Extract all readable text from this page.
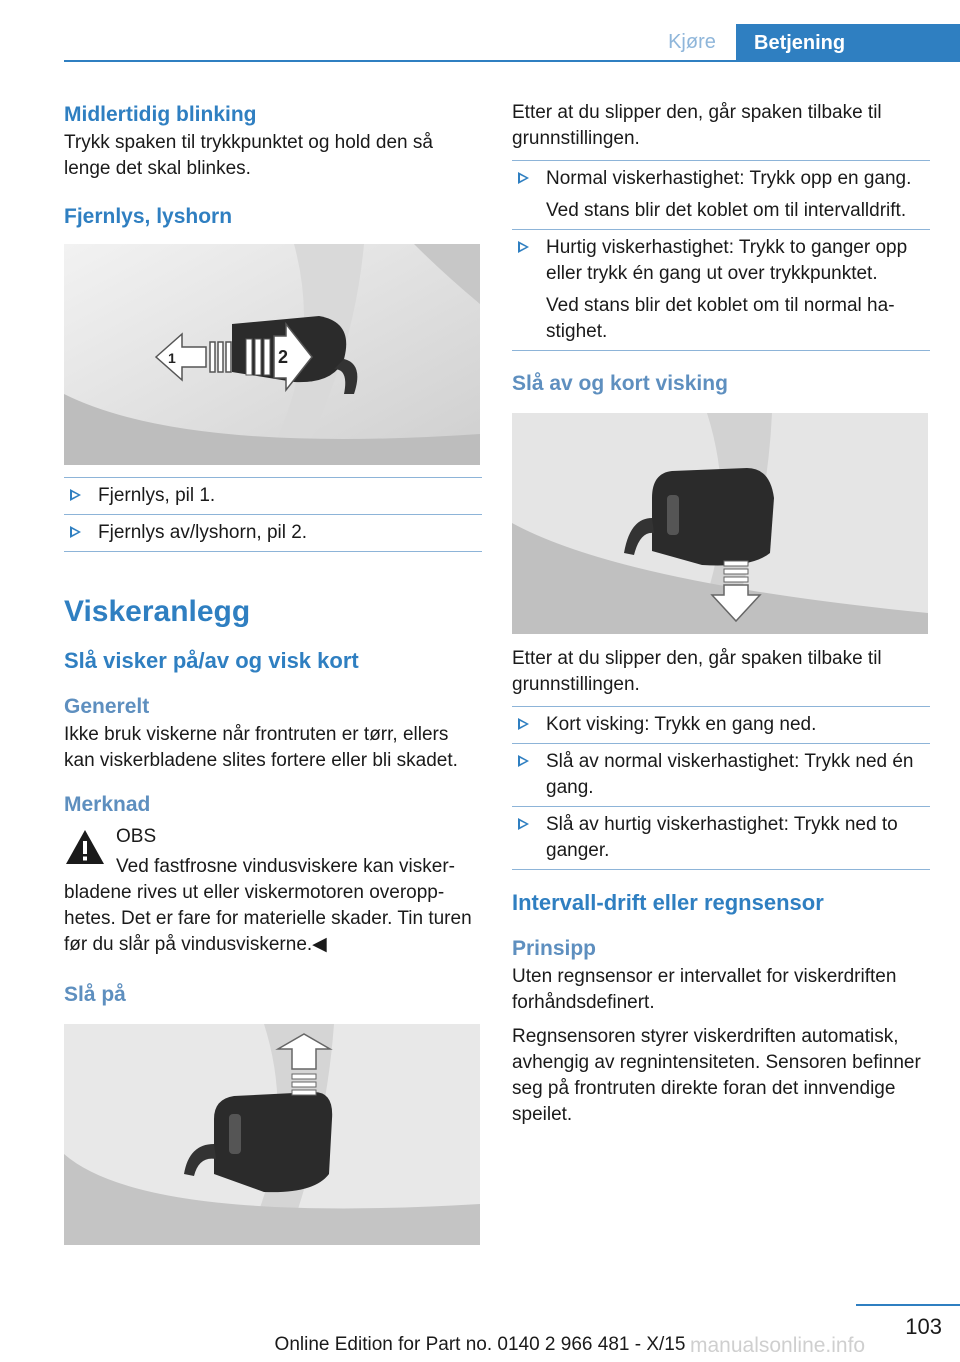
Kjøre	Betjening
Midlertidig blinking

Trykk spaken til trykkpunktet og hold den så lenge det skal blinkes.

Fjernlys, lyshorn
1	2
Fjernlys, pil 1.
Fjernlys av/lyshorn, pil 2.
Viskeranlegg
Slå visker på/av og visk kort
Generelt

Ikke bruk viskerne når frontruten er tørr, ellers kan viskerbladene slites fortere eller bli skadet.

Merknad

OBS

Ved fastfrosne vindusviskere kan viskerbladene rives ut eller viskermotoren overopphetes. Det er fare for materielle skader. Tin turen før du slår på vindusviskerne.◀

Slå på

Etter at du slipper den, går spaken tilbake til grunnstillingen.

Normal viskerhastighet: Trykk opp en gang.

Ved stans blir det koblet om til intervalldrift.

Hurtig viskerhastighet: Trykk to ganger opp eller trykk én gang ut over trykkpunktet.

Ved stans blir det koblet om til normal hastighet.

Slå av og kort visking

Etter at du slipper den, går spaken tilbake til grunnstillingen.

Kort visking: Trykk en gang ned.
Slå av normal viskerhastighet: Trykk ned én gang.
Slå av hurtig viskerhastighet: Trykk ned to ganger.
Intervall-drift eller regnsensor
Prinsipp

Uten regnsensor er intervallet for viskerdriften forhåndsdefinert.

Regnsensoren styrer viskerdriften automatisk, avhengig av regnintensiteten. Sensoren befinner seg på frontruten direkte foran det innvendige speilet.

103
Online Edition for Part no. 0140 2 966 481 - X/15 manualsonline.info
